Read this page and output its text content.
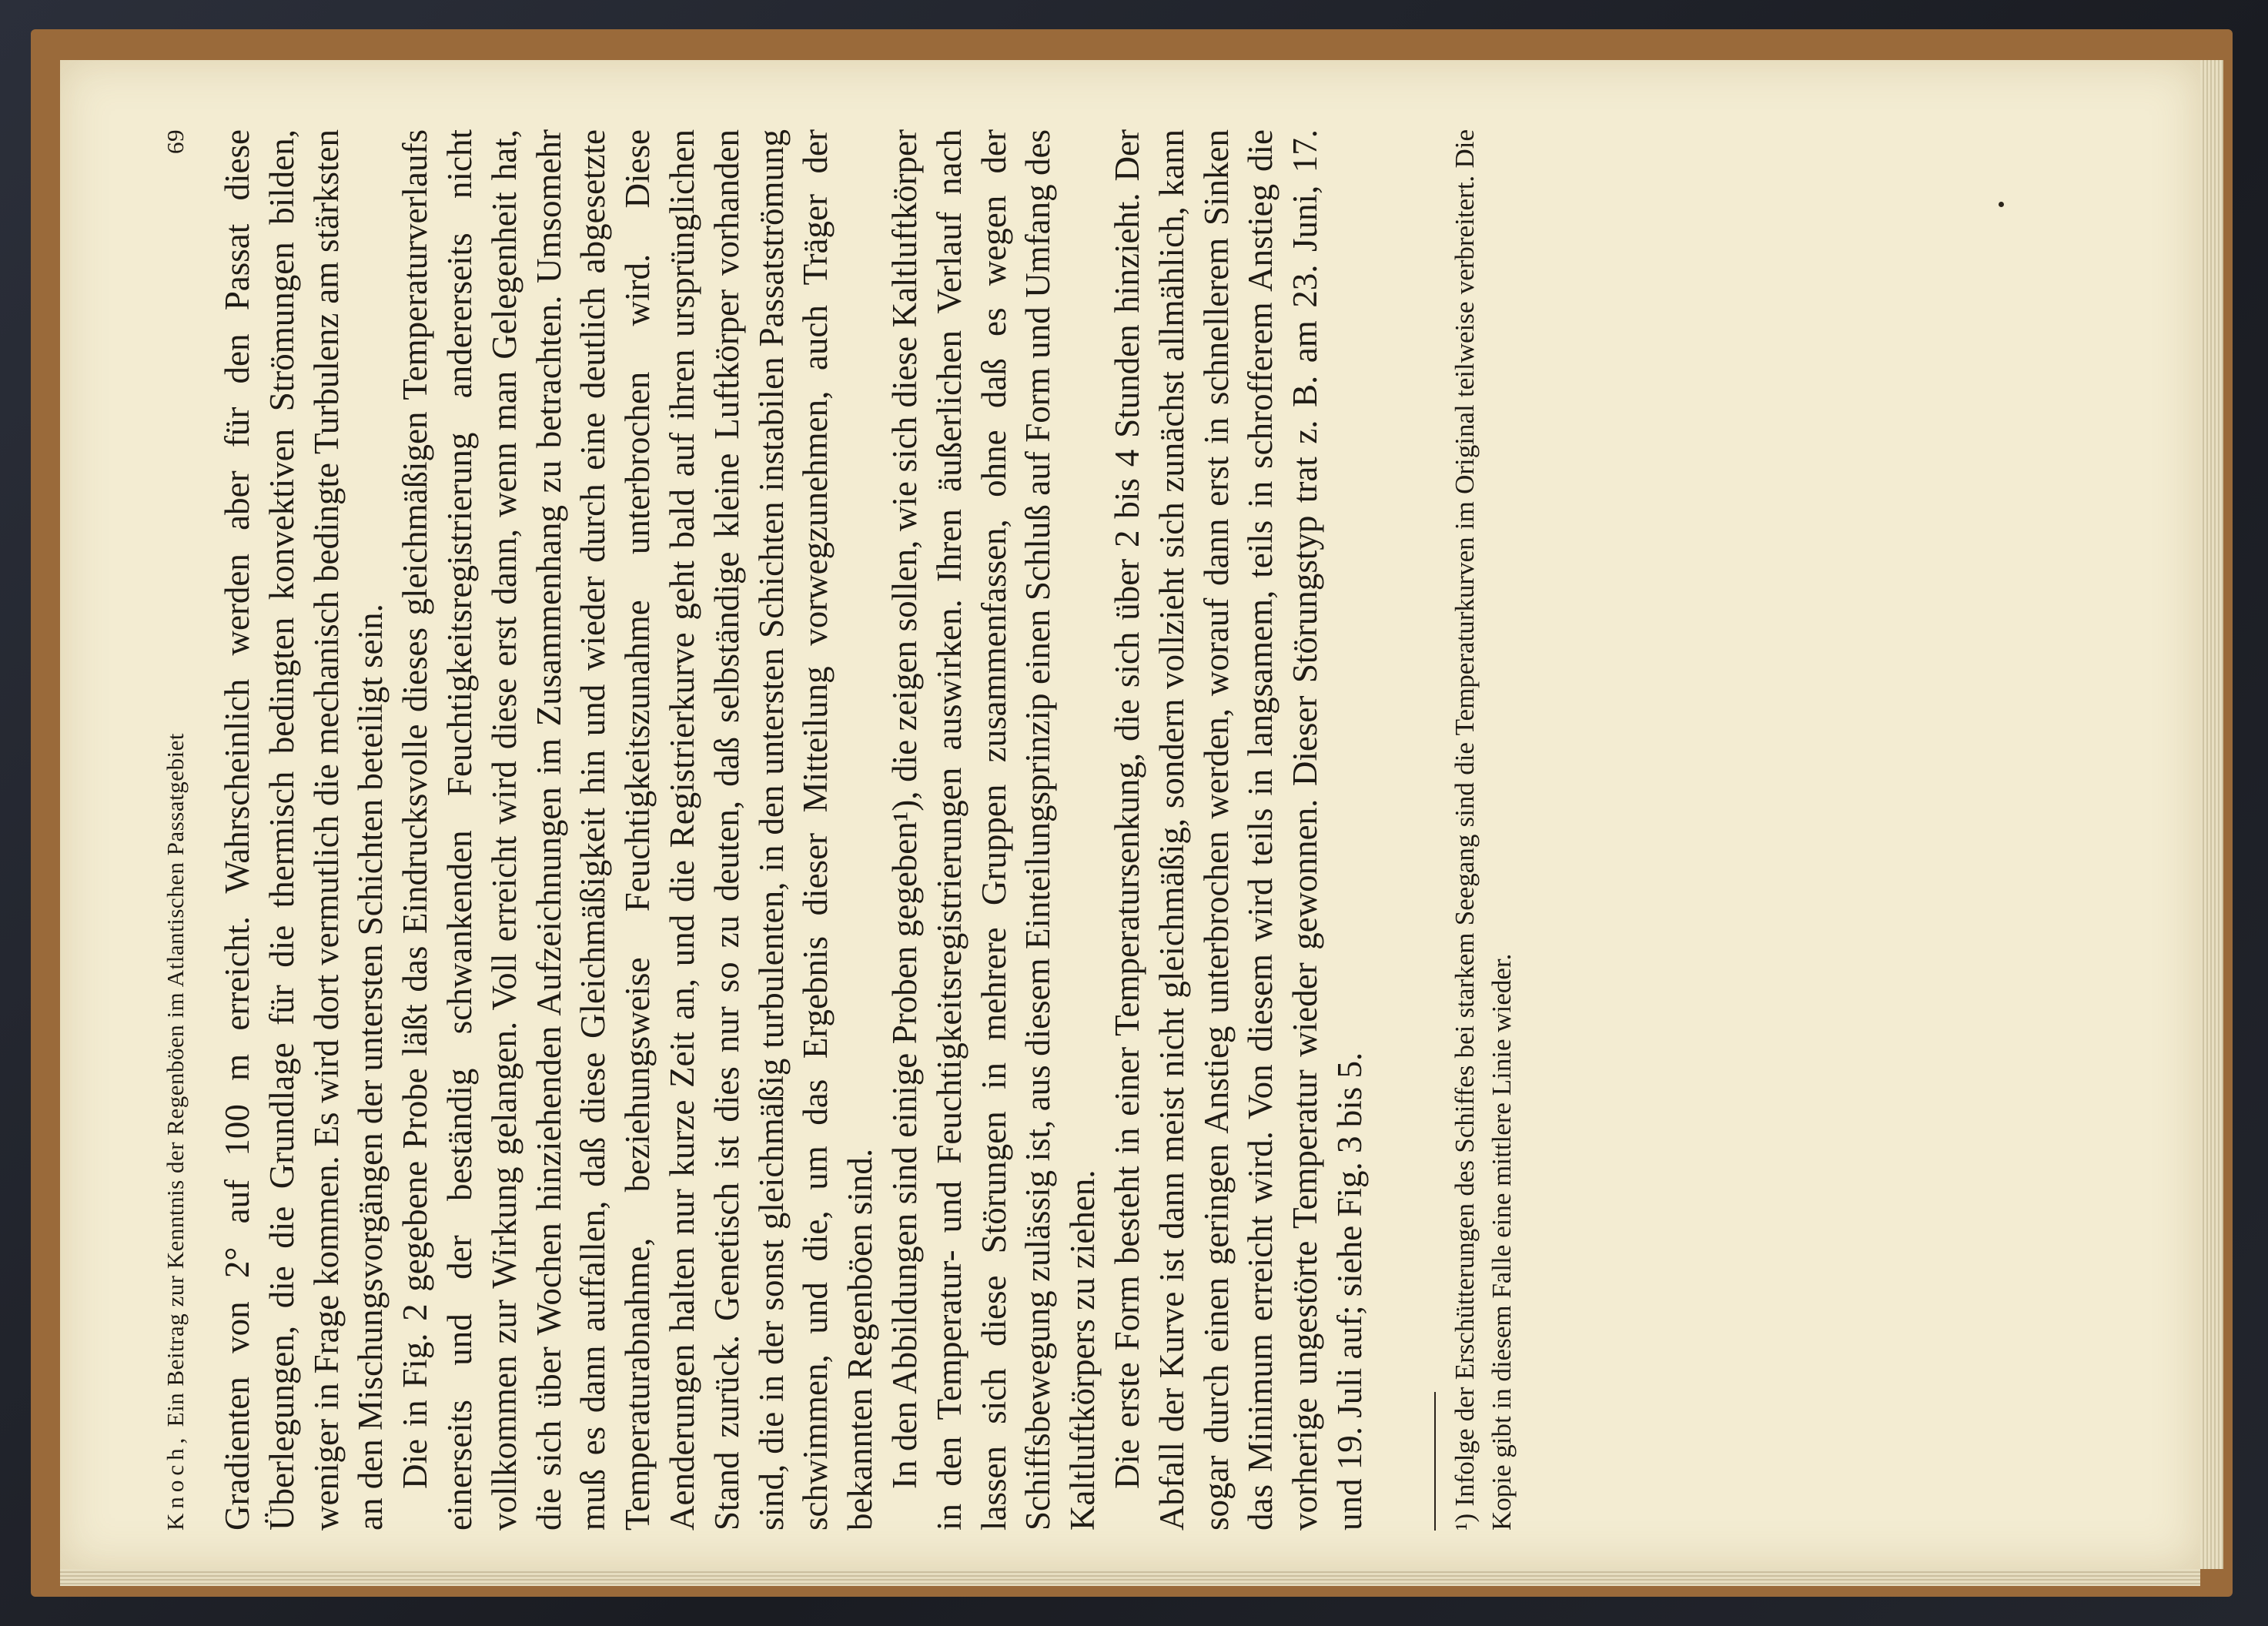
Knoch, Ein Beitrag zur Kenntnis der Regenböen im Atlantischen Passatgebiet
69 Gradienten von 2° auf 100 m erreicht. Wahrscheinlich werden aber für den Passat diese Überlegungen, die die Grundlage für die thermisch bedingten konvektiven Strömungen bilden, weniger in Frage kommen. Es wird dort vermutlich die mechanisch bedingte Turbulenz am stärksten an den Mischungsvorgängen der untersten Schichten beteiligt sein. Die in Fig. 2 gegebene Probe läßt das Eindrucksvolle dieses gleichmäßigen Temperaturverlaufs einerseits und der beständig schwankenden Feuchtigkeitsregistrierung andererseits nicht vollkommen zur Wirkung gelangen. Voll erreicht wird diese erst dann, wenn man Gelegenheit hat, die sich über Wochen hinziehenden Aufzeichnungen im Zusammenhang zu betrachten. Umsomehr muß es dann auffallen, daß diese Gleichmäßigkeit hin und wieder durch eine deutlich abgesetzte Temperaturabnahme, beziehungsweise Feuchtigkeitszunahme unterbrochen wird. Diese Aenderungen halten nur kurze Zeit an, und die Registrierkurve geht bald auf ihren ursprünglichen Stand zurück. Genetisch ist dies nur so zu deuten, daß selbständige kleine Luftkörper vorhanden sind, die in der sonst gleichmäßig turbulenten, in den untersten Schichten instabilen Passatströmung schwimmen, und die, um das Ergebnis dieser Mitteilung vorwegzunehmen, auch Träger der bekannten Regenböen sind. In den Abbildungen sind einige Proben gegeben¹), die zeigen sollen, wie sich diese Kaltluftkörper in den Temperatur- und Feuchtigkeitsregistrierungen auswirken. Ihren äußerlichen Verlauf nach lassen sich diese Störungen in mehrere Gruppen zusammenfassen, ohne daß es wegen der Schiffsbewegung zulässig ist, aus diesem Einteilungsprinzip einen Schluß auf Form und Umfang des Kaltluftkörpers zu ziehen. Die erste Form besteht in einer Temperatursenkung, die sich über 2 bis 4 Stunden hinzieht. Der Abfall der Kurve ist dann meist nicht gleichmäßig, sondern vollzieht sich zunächst allmählich, kann sogar durch einen geringen Anstieg unterbrochen werden, worauf dann erst in schnellerem Sinken das Minimum erreicht wird. Von diesem wird teils in langsamem, teils in schrofferem Anstieg die vorherige ungestörte Temperatur wieder gewonnen. Dieser Störungstyp trat z. B. am 23. Juni, 17. und 19. Juli auf; siehe Fig. 3 bis 5.	¹) Infolge der Erschütterungen des Schiffes bei starkem Seegang sind die Temperaturkurven im Original teilweise verbreitert. Die Kopie gibt in diesem Falle eine mittlere Linie wieder.
